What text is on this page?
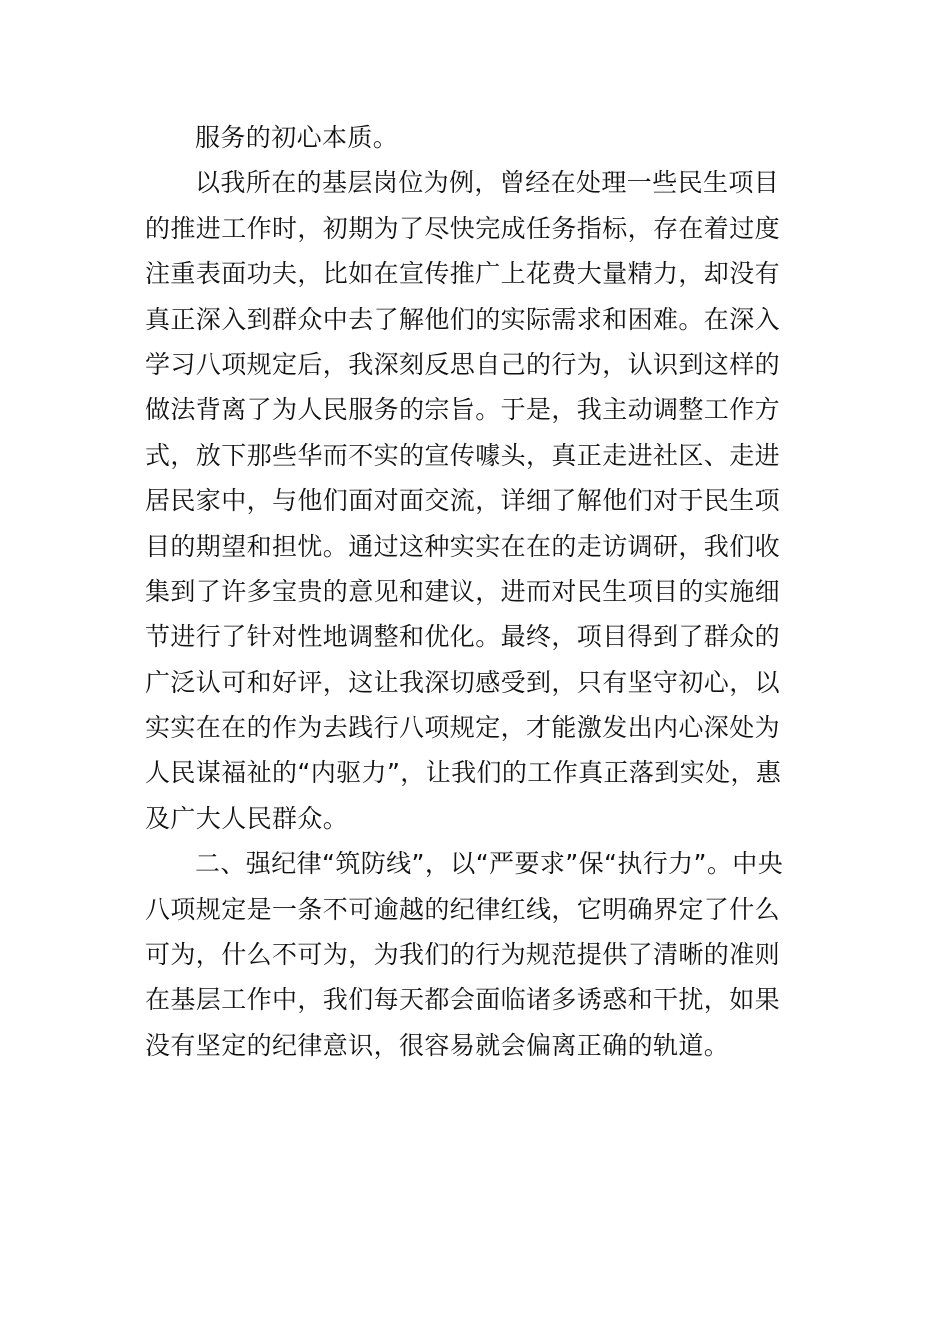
服务的初心本质。
以我所在的基层岗位为例，曾经在处理一些民生项目
的推进工作时，初期为了尽快完成任务指标，存在着过度
注重表面功夫，比如在宣传推广上花费大量精力，却没有
真正深入到群众中去了解他们的实际需求和困难。在深入
学习八项规定后，我深刻反思自己的行为，认识到这样的
做法背离了为人民服务的宗旨。于是，我主动调整工作方
式，放下那些华而不实的宣传噱头，真正走进社区、走进
居民家中，与他们面对面交流，详细了解他们对于民生项
目的期望和担忧。通过这种实实在在的走访调研，我们收
集到了许多宝贵的意见和建议，进而对民生项目的实施细
节进行了针对性地调整和优化。最终，项目得到了群众的
广泛认可和好评，这让我深切感受到，只有坚守初心，以
实实在在的作为去践行八项规定，才能激发出内心深处为
人民谋福祉的“内驱力”，让我们的工作真正落到实处，惠
及广大人民群众。
二、强纪律“筑防线”，以“严要求”保“执行力”。中央
八项规定是一条不可逾越的纪律红线，它明确界定了什么
可为，什么不可为，为我们的行为规范提供了清晰的准则
在基层工作中，我们每天都会面临诸多诱惑和干扰，如果
没有坚定的纪律意识，很容易就会偏离正确的轨道。
